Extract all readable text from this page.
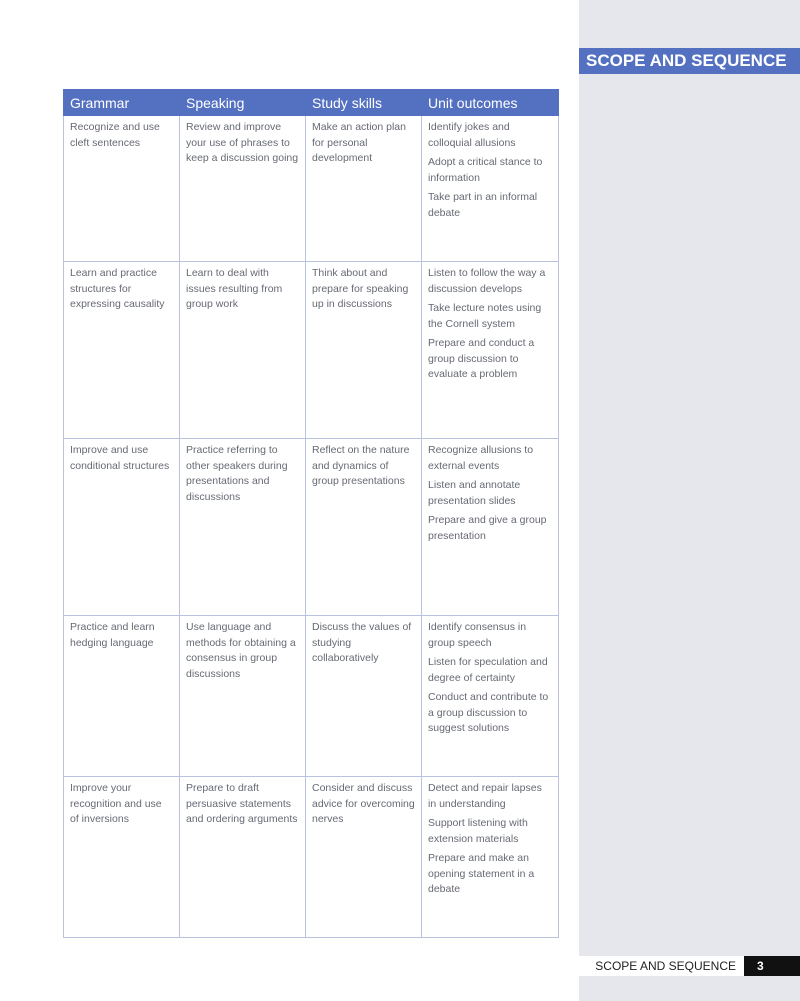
SCOPE AND SEQUENCE
Grammar	Speaking	Study skills	Unit outcomes
Recognize and use cleft sentences	Review and improve your use of phrases to keep a discussion going	Make an action plan for personal development	Identify jokes and colloquial allusions

Adopt a critical stance to information

Take part in an informal debate

Learn and practice structures for expressing causality	Learn to deal with issues resulting from group work	Think about and prepare for speaking up in discussions	Listen to follow the way a discussion develops

Take lecture notes using the Cornell system

Prepare and conduct a group discussion to evaluate a problem

Improve and use conditional structures	Practice referring to other speakers during presentations and discussions	Reflect on the nature and dynamics of group presentations	Recognize allusions to external events

Listen and annotate presentation slides

Prepare and give a group presentation

Practice and learn hedging language	Use language and methods for obtaining a consensus in group discussions	Discuss the values of studying collaboratively	Identify consensus in group speech

Listen for speculation and degree of certainty

Conduct and contribute to a group discussion to suggest solutions

Improve your recognition and use of inversions	Prepare to draft persuasive statements and ordering arguments	Consider and discuss advice for overcoming nerves	Detect and repair lapses in understanding

Support listening with extension materials

Prepare and make an opening statement in a debate

SCOPE AND SEQUENCE	3
